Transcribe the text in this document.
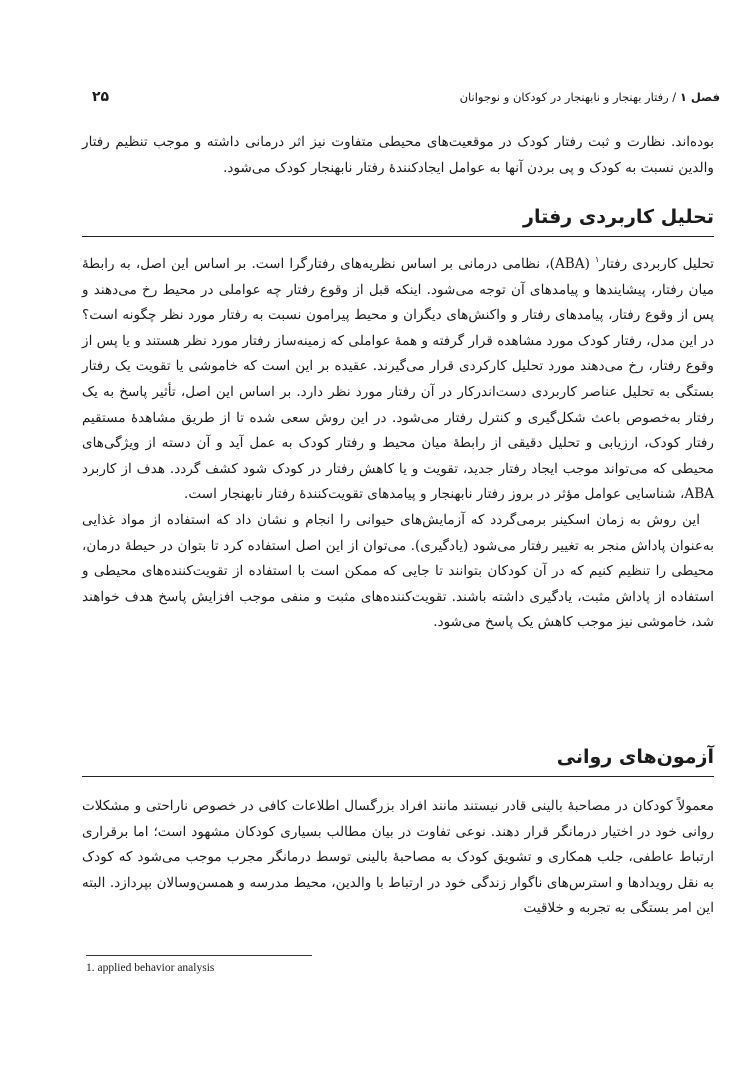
فصل ۱ / رفتار بهنجار و نابهنجار در کودکان و نوجوانان
۲۵

بوده‌اند. نظارت و ثبت رفتار کودک در موقعیت‌های محیطی متفاوت نیز اثر درمانی داشته و موجب تنظیم رفتار والدین نسبت به کودک و پی بردن آنها به عوامل ایجادکنندهٔ رفتار نابهنجار کودک می‌شود.

تحلیل کاربردی رفتار

تحلیل کاربردی رفتار$^۱$ (ABA)، نظامی درمانی بر اساس نظریه‌های رفتارگرا است. بر اساس این اصل، به رابطهٔ میان رفتار، پیشایندها و پیامدهای آن توجه می‌شود. اینکه قبل از وقوع رفتار چه عواملی در محیط رخ می‌دهند و پس از وقوع رفتار، پیامدهای رفتار و واکنش‌های دیگران و محیط پیرامون نسبت به رفتار مورد نظر چگونه است؟ در این مدل، رفتار کودک مورد مشاهده قرار گرفته و همهٔ عواملی که زمینه‌ساز رفتار مورد نظر هستند و یا پس از وقوع رفتار، رخ می‌دهند مورد تحلیل کارکردی قرار می‌گیرند. عقیده بر این است که خاموشی یا تقویت یک رفتار بستگی به تحلیل عناصر کاربردی دست‌اندرکار در آن رفتار مورد نظر دارد. بر اساس این اصل، تأثیر پاسخ به یک رفتار به‌خصوص باعث شکل‌گیری و کنترل رفتار می‌شود. در این روش سعی شده تا از طریق مشاهدهٔ مستقیم رفتار کودک، ارزیابی و تحلیل دقیقی از رابطهٔ میان محیط و رفتار کودک به عمل آید و آن دسته از ویژگی‌های محیطی که می‌تواند موجب ایجاد رفتار جدید، تقویت و یا کاهش رفتار در کودک شود کشف گردد. هدف از کاربرد ABA، شناسایی عوامل مؤثر در بروز رفتار نابهنجار و پیامدهای تقویت‌کنندهٔ رفتار نابهنجار است.

این روش به زمان اسکینر برمی‌گردد که آزمایش‌های حیوانی را انجام و نشان داد که استفاده از مواد غذایی به‌عنوان پاداش منجر به تغییر رفتار می‌شود (یادگیری). می‌توان از این اصل استفاده کرد تا بتوان در حیطهٔ درمان، محیطی را تنظیم کنیم که در آن کودکان بتوانند تا جایی که ممکن است با استفاده از تقویت‌کننده‌های محیطی و استفاده از پاداش مثبت، یادگیری داشته باشند. تقویت‌کننده‌های مثبت و منفی موجب افزایش پاسخ هدف خواهند شد، خاموشی نیز موجب کاهش یک پاسخ می‌شود.

آزمون‌های روانی

معمولاً کودکان در مصاحبهٔ بالینی قادر نیستند مانند افراد بزرگسال اطلاعات کافی در خصوص ناراحتی و مشکلات روانی خود در اختیار درمانگر قرار دهند. نوعی تفاوت در بیان مطالب بسیاری کودکان مشهود است؛ اما برقراری ارتباط عاطفی، جلب همکاری و تشویق کودک به مصاحبهٔ بالینی توسط درمانگر مجرب موجب می‌شود که کودک به نقل رویدادها و استرس‌های ناگوار زندگی خود در ارتباط با والدین، محیط مدرسه و همسن‌وسالان بپردازد. البته این امر بستگی به تجربه و خلاقیت

1. applied behavior analysis
